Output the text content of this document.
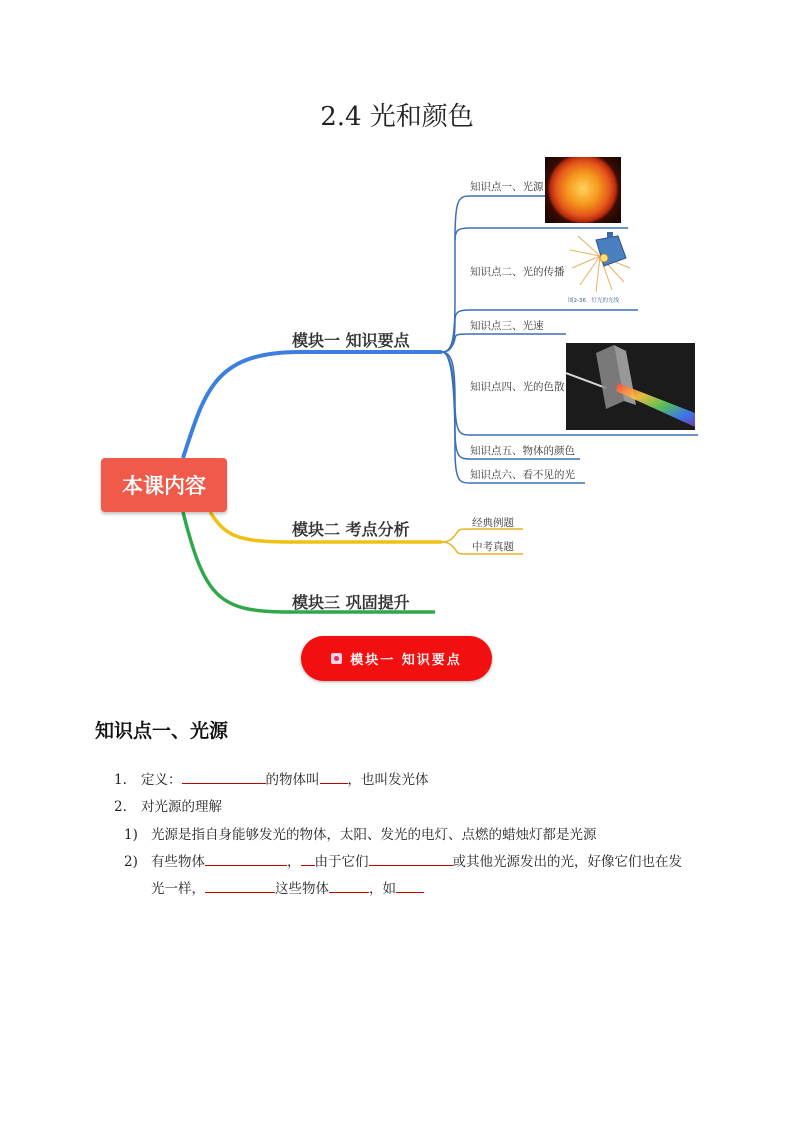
2.4 光和颜色
图2-36　灯光的光线
本课内容
模块一 知识要点
模块二 考点分析
模块三 巩固提升
知识点一、光源
知识点二、光的传播
知识点三、光速
知识点四、光的色散
知识点五、物体的颜色
知识点六、看不见的光
经典例题
中考真题
模块一 知识要点
知识点一、光源
1. 定义：	的物体叫 ，也叫发光体
2. 对光源的理解
1) 光源是指自身能够发光的物体，太阳、发光的电灯、点燃的蜡烛灯都是光源
2) 有些物体	， 由于它们	或其他光源发出的光，好像它们也在发
光一样，	这些物体	，如
